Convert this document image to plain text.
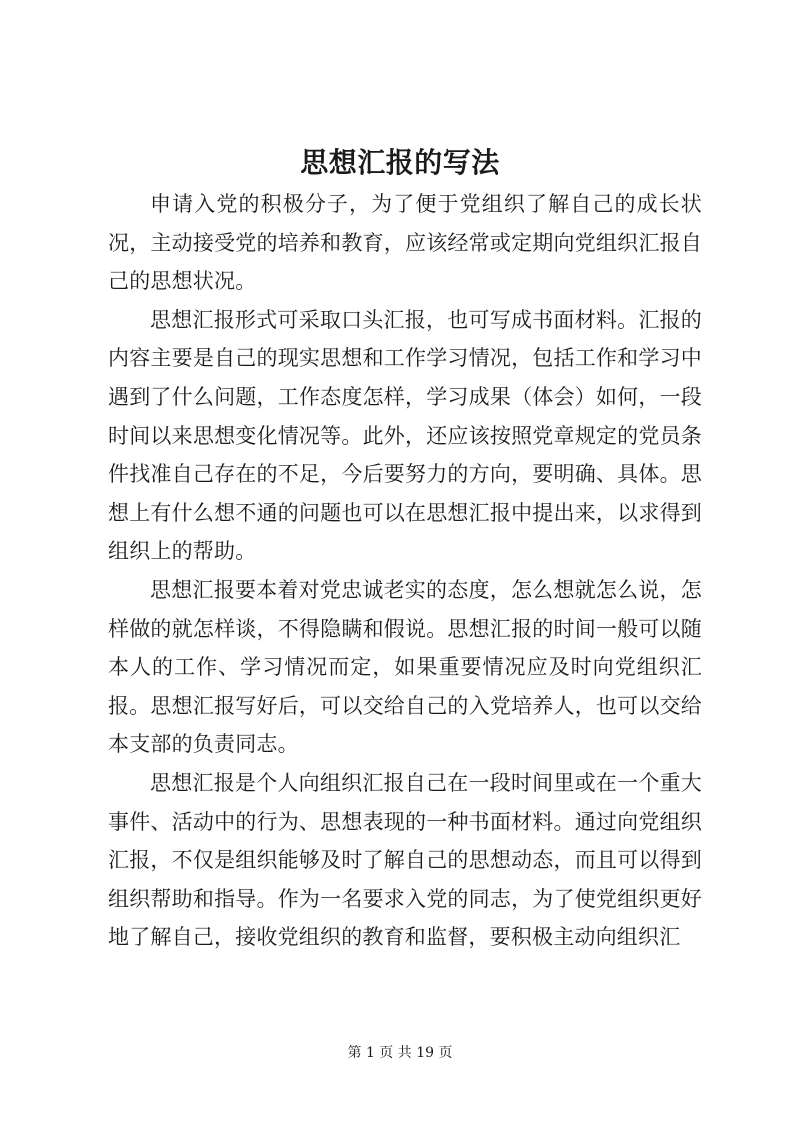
思想汇报的写法

申请入党的积极分子，为了便于党组织了解自己的成长状况，主动接受党的培养和教育，应该经常或定期向党组织汇报自己的思想状况。

思想汇报形式可采取口头汇报，也可写成书面材料。汇报的内容主要是自己的现实思想和工作学习情况，包括工作和学习中遇到了什么问题，工作态度怎样，学习成果（体会）如何，一段时间以来思想变化情况等。此外，还应该按照党章规定的党员条件找准自己存在的不足，今后要努力的方向，要明确、具体。思想上有什么想不通的问题也可以在思想汇报中提出来，以求得到组织上的帮助。

思想汇报要本着对党忠诚老实的态度，怎么想就怎么说，怎样做的就怎样谈，不得隐瞒和假说。思想汇报的时间一般可以随本人的工作、学习情况而定，如果重要情况应及时向党组织汇报。思想汇报写好后，可以交给自己的入党培养人，也可以交给本支部的负责同志。

思想汇报是个人向组织汇报自己在一段时间里或在一个重大事件、活动中的行为、思想表现的一种书面材料。通过向党组织汇报，不仅是组织能够及时了解自己的思想动态，而且可以得到组织帮助和指导。作为一名要求入党的同志，为了使党组织更好地了解自己，接收党组织的教育和监督，要积极主动向组织汇

第 1 页 共 19 页
